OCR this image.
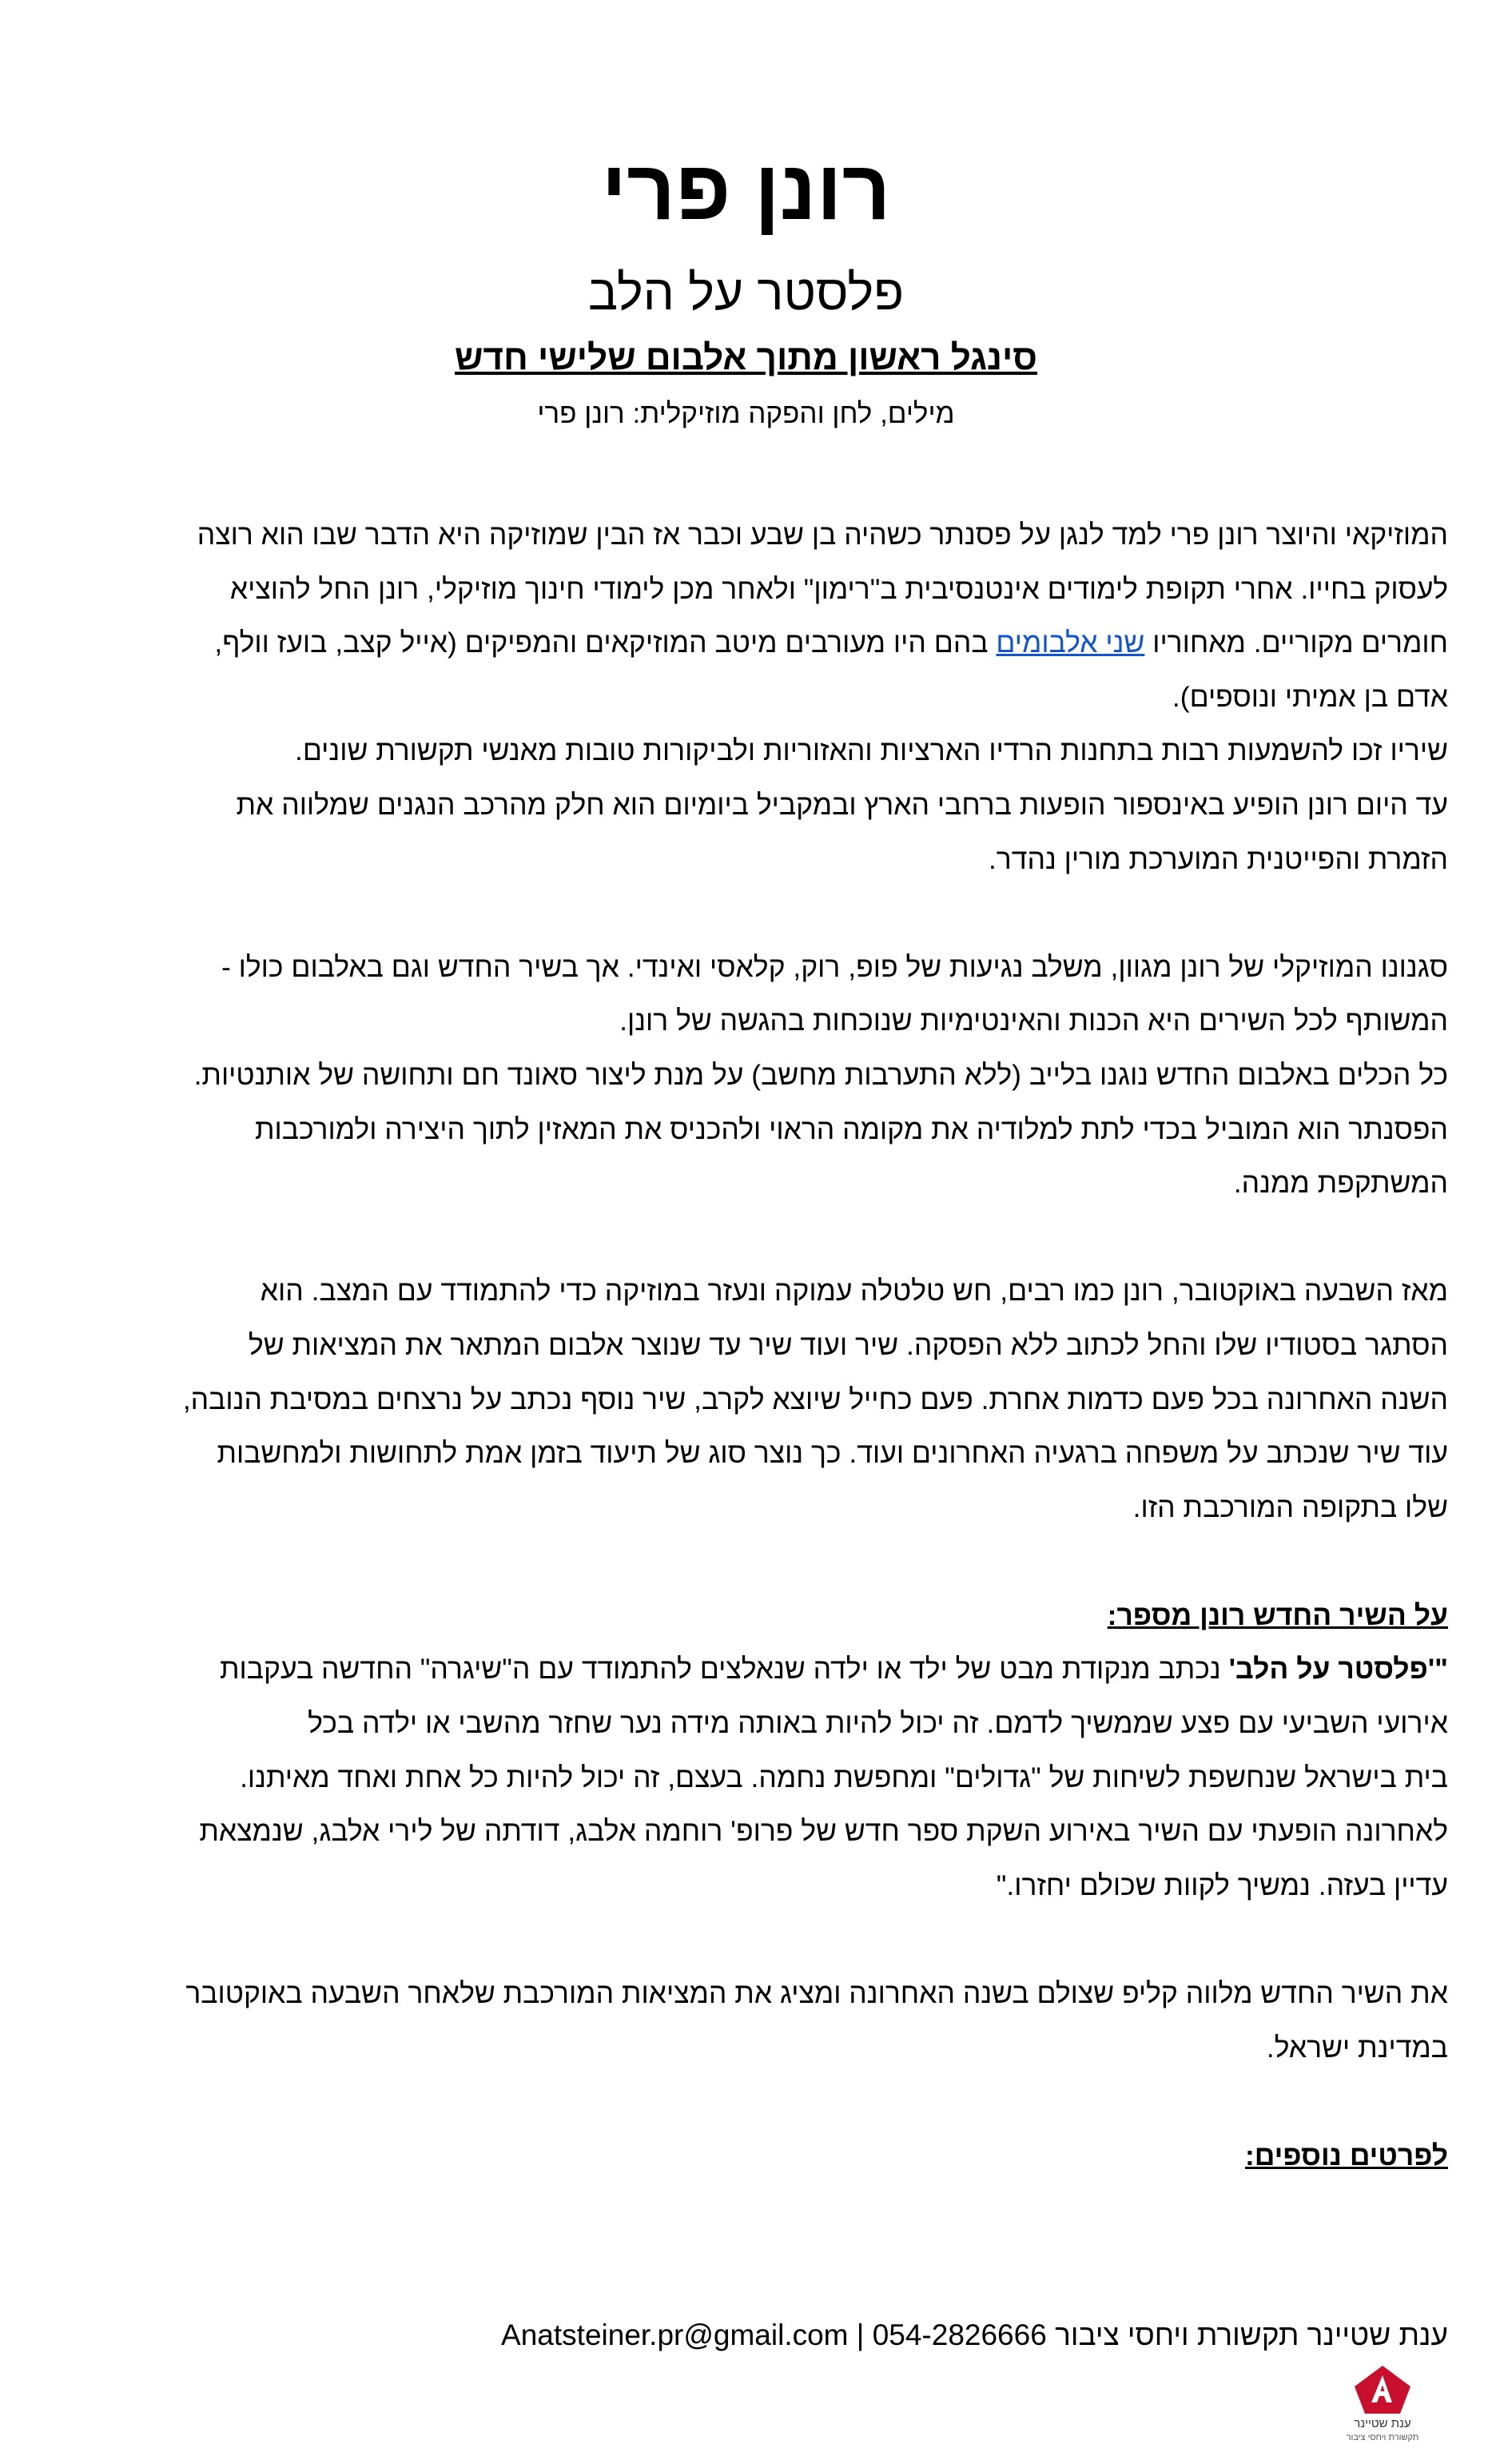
רונן פרי
פלסטר על הלב
סינגל ראשון מתוך אלבום שלישי חדש
מילים, לחן והפקה מוזיקלית: רונן פרי

המוזיקאי והיוצר רונן פרי למד לנגן על פסנתר כשהיה בן שבע וכבר אז הבין שמוזיקה היא הדבר שבו הוא רוצה
לעסוק בחייו. אחרי תקופת לימודים אינטנסיבית ב"רימון" ולאחר מכן לימודי חינוך מוזיקלי, רונן החל להוציא
חומרים מקוריים. מאחוריו שני אלבומים בהם היו מעורבים מיטב המוזיקאים והמפיקים (אייל קצב, בועז וולף,
אדם בן אמיתי ונוספים).
שיריו זכו להשמעות רבות בתחנות הרדיו הארציות והאזוריות ולביקורות טובות מאנשי תקשורת שונים.
עד היום רונן הופיע באינספור הופעות ברחבי הארץ ובמקביל ביומיום הוא חלק מהרכב הנגנים שמלווה את
הזמרת והפייטנית המוערכת מורין נהדר.

סגנונו המוזיקלי של רונן מגוון, משלב נגיעות של פופ, רוק, קלאסי ואינדי. אך בשיר החדש וגם באלבום כולו -
המשותף לכל השירים היא הכנות והאינטימיות שנוכחות בהגשה של רונן.
כל הכלים באלבום החדש נוגנו בלייב (ללא התערבות מחשב) על מנת ליצור סאונד חם ותחושה של אותנטיות.
הפסנתר הוא המוביל בכדי לתת למלודיה את מקומה הראוי ולהכניס את המאזין לתוך היצירה ולמורכבות
המשתקפת ממנה.

מאז השבעה באוקטובר, רונן כמו רבים, חש טלטלה עמוקה ונעזר במוזיקה כדי להתמודד עם המצב. הוא
הסתגר בסטודיו שלו והחל לכתוב ללא הפסקה. שיר ועוד שיר עד שנוצר אלבום המתאר את המציאות של
השנה האחרונה בכל פעם כדמות אחרת. פעם כחייל שיוצא לקרב, שיר נוסף נכתב על נרצחים במסיבת הנובה,
עוד שיר שנכתב על משפחה ברגעיה האחרונים ועוד. כך נוצר סוג של תיעוד בזמן אמת לתחושות ולמחשבות
שלו בתקופה המורכבת הזו.

על השיר החדש רונן מספר:
"'פלסטר על הלב' נכתב מנקודת מבט של ילד או ילדה שנאלצים להתמודד עם ה"שיגרה" החדשה בעקבות
אירועי השביעי עם פצע שממשיך לדמם. זה יכול להיות באותה מידה נער שחזר מהשבי או ילדה בכל
בית בישראל שנחשפת לשיחות של "גדולים" ומחפשת נחמה. בעצם, זה יכול להיות כל אחת ואחד מאיתנו.
לאחרונה הופעתי עם השיר באירוע השקת ספר חדש של פרופ' רוחמה אלבג, דודתה של לירי אלבג, שנמצאת
עדיין בעזה. נמשיך לקוות שכולם יחזרו."

את השיר החדש מלווה קליפ שצולם בשנה האחרונה ומציג את המציאות המורכבת שלאחר השבעה באוקטובר
במדינת ישראל.

לפרטים נוספים:

ענת שטיינר תקשורת ויחסי ציבור 054-2826666 | Anatsteiner.pr@gmail.com
ענת שטיינר
תקשורת ויחסי ציבור
